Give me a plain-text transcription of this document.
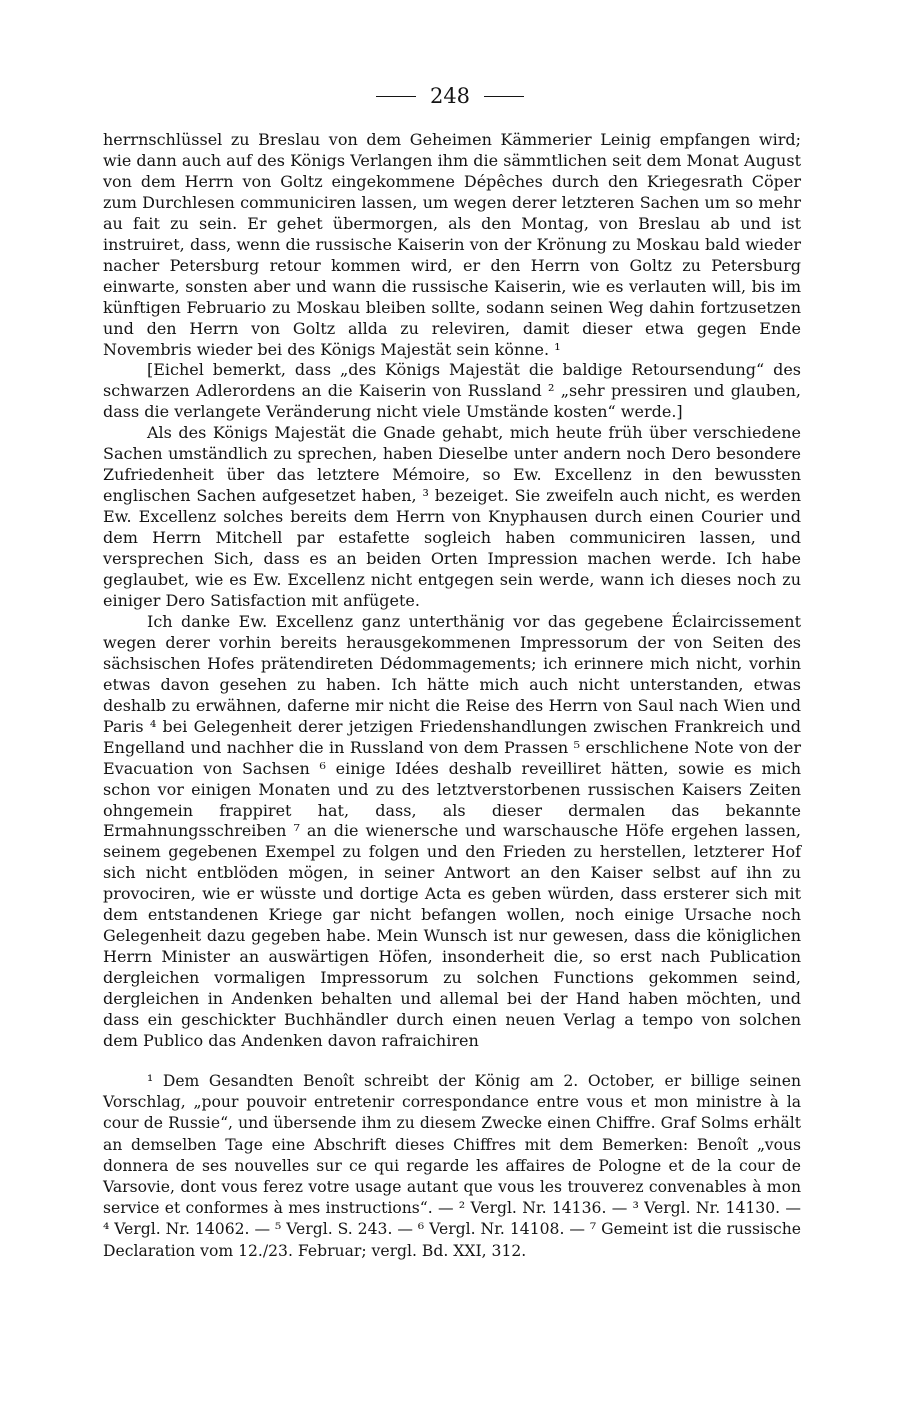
248

herrnschlüssel zu Breslau von dem Geheimen Kämmerier Leinig empfangen wird; wie dann auch auf des Königs Verlangen ihm die sämmtlichen seit dem Monat August von dem Herrn von Goltz eingekommene Dépêches durch den Kriegesrath Cöper zum Durchlesen communiciren lassen, um wegen derer letzteren Sachen um so mehr au fait zu sein. Er gehet übermorgen, als den Montag, von Breslau ab und ist instruiret, dass, wenn die russische Kaiserin von der Krönung zu Moskau bald wieder nacher Petersburg retour kommen wird, er den Herrn von Goltz zu Petersburg einwarte, sonsten aber und wann die russische Kaiserin, wie es verlauten will, bis im künftigen Februario zu Moskau bleiben sollte, sodann seinen Weg dahin fortzusetzen und den Herrn von Goltz allda zu releviren, damit dieser etwa gegen Ende Novembris wieder bei des Königs Majestät sein könne. ¹

[Eichel bemerkt, dass „des Königs Majestät die baldige Retoursendung“ des schwarzen Adlerordens an die Kaiserin von Russland ² „sehr pressiren und glauben, dass die verlangete Veränderung nicht viele Umstände kosten“ werde.]

Als des Königs Majestät die Gnade gehabt, mich heute früh über verschiedene Sachen umständlich zu sprechen, haben Dieselbe unter andern noch Dero besondere Zufriedenheit über das letztere Mémoire, so Ew. Excellenz in den bewussten englischen Sachen aufgesetzet haben, ³ bezeiget. Sie zweifeln auch nicht, es werden Ew. Excellenz solches bereits dem Herrn von Knyphausen durch einen Courier und dem Herrn Mitchell par estafette sogleich haben communiciren lassen, und versprechen Sich, dass es an beiden Orten Impression machen werde. Ich habe geglaubet, wie es Ew. Excellenz nicht entgegen sein werde, wann ich dieses noch zu einiger Dero Satisfaction mit anfügete.

Ich danke Ew. Excellenz ganz unterthänig vor das gegebene Éclaircissement wegen derer vorhin bereits herausgekommenen Impressorum der von Seiten des sächsischen Hofes prätendireten Dédommagements; ich erinnere mich nicht, vorhin etwas davon gesehen zu haben. Ich hätte mich auch nicht unterstanden, etwas deshalb zu erwähnen, daferne mir nicht die Reise des Herrn von Saul nach Wien und Paris ⁴ bei Gelegenheit derer jetzigen Friedenshandlungen zwischen Frankreich und Engelland und nachher die in Russland von dem Prassen ⁵ erschlichene Note von der Evacuation von Sachsen ⁶ einige Idées deshalb reveilliret hätten, sowie es mich schon vor einigen Monaten und zu des letztverstorbenen russischen Kaisers Zeiten ohngemein frappiret hat, dass, als dieser dermalen das bekannte Ermahnungsschreiben ⁷ an die wienersche und warschausche Höfe ergehen lassen, seinem gegebenen Exempel zu folgen und den Frieden zu herstellen, letzterer Hof sich nicht entblöden mögen, in seiner Antwort an den Kaiser selbst auf ihn zu provociren, wie er wüsste und dortige Acta es geben würden, dass ersterer sich mit dem entstandenen Kriege gar nicht befangen wollen, noch einige Ursache noch Gelegenheit dazu gegeben habe. Mein Wunsch ist nur gewesen, dass die königlichen Herrn Minister an auswärtigen Höfen, insonderheit die, so erst nach Publication dergleichen vormaligen Impressorum zu solchen Functions gekommen seind, dergleichen in Andenken behalten und allemal bei der Hand haben möchten, und dass ein geschickter Buchhändler durch einen neuen Verlag a tempo von solchen dem Publico das Andenken davon rafraichiren

¹ Dem Gesandten Benoît schreibt der König am 2. October, er billige seinen Vorschlag, „pour pouvoir entretenir correspondance entre vous et mon ministre à la cour de Russie“, und übersende ihm zu diesem Zwecke einen Chiffre. Graf Solms erhält an demselben Tage eine Abschrift dieses Chiffres mit dem Bemerken: Benoît „vous donnera de ses nouvelles sur ce qui regarde les affaires de Pologne et de la cour de Varsovie, dont vous ferez votre usage autant que vous les trouverez convenables à mon service et conformes à mes instructions“. — ² Vergl. Nr. 14136. — ³ Vergl. Nr. 14130. — ⁴ Vergl. Nr. 14062. — ⁵ Vergl. S. 243. — ⁶ Vergl. Nr. 14108. — ⁷ Gemeint ist die russische Declaration vom 12./23. Februar; vergl. Bd. XXI, 312.
